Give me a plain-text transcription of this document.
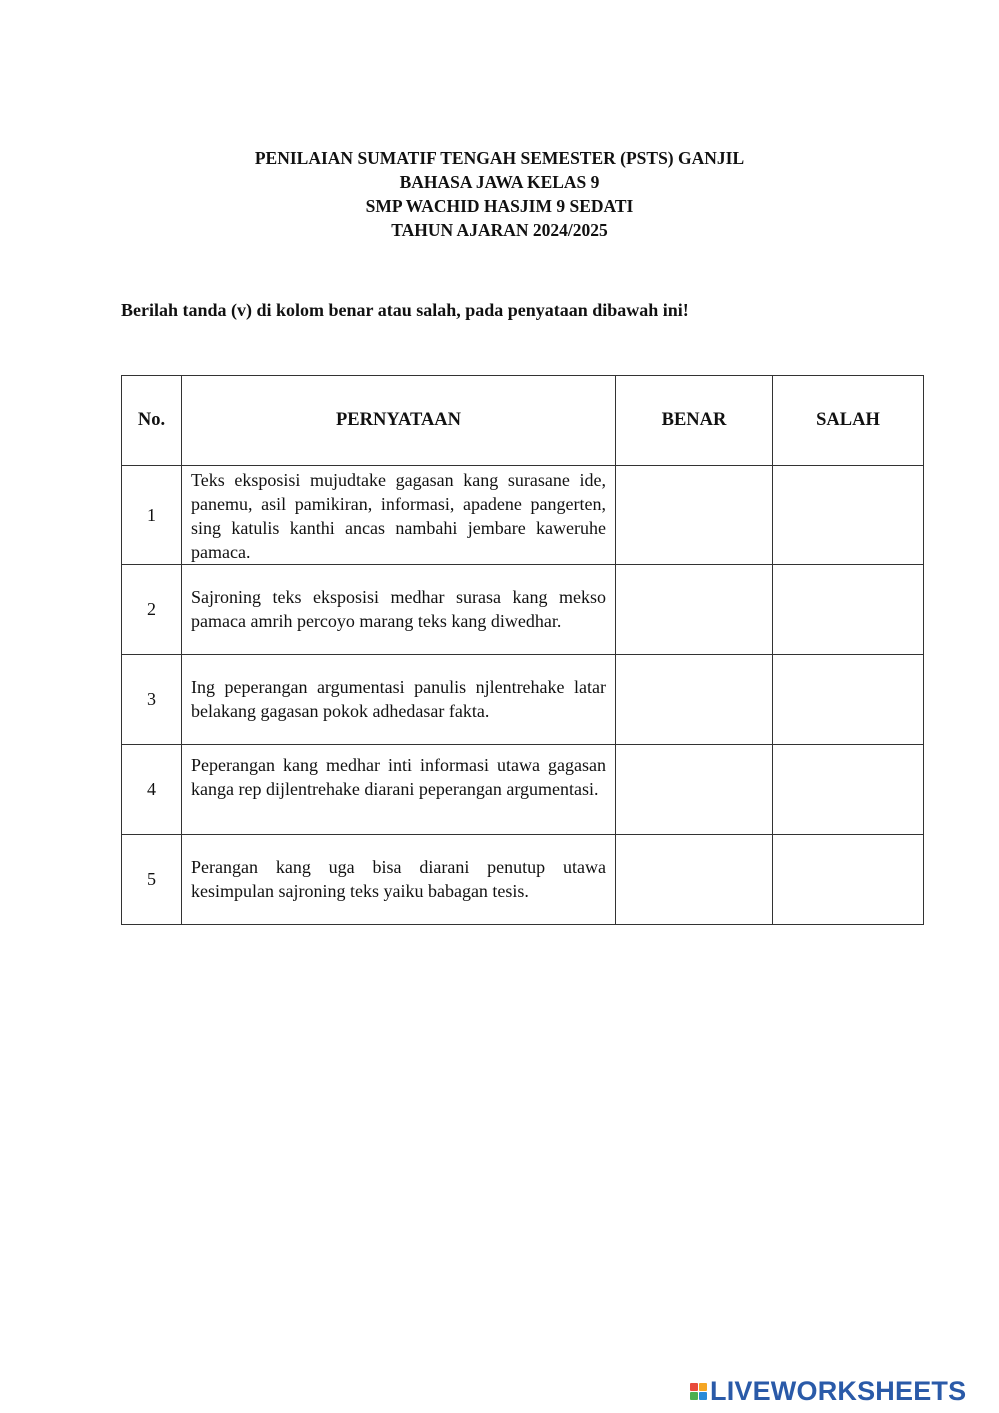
PENILAIAN SUMATIF TENGAH SEMESTER (PSTS) GANJIL
BAHASA JAWA KELAS 9
SMP WACHID HASJIM 9 SEDATI
TAHUN AJARAN 2024/2025
Berilah tanda (v) di kolom benar atau salah, pada penyataan dibawah ini!
No.	PERNYATAAN	BENAR	SALAH
1	Teks eksposisi mujudtake gagasan kang surasane ide, panemu, asil pamikiran, informasi, apadene pangerten, sing katulis kanthi ancas nambahi jembare kaweruhe pamaca.		

2	Sajroning teks eksposisi medhar surasa kang mekso pamaca amrih percoyo marang teks kang diwedhar.		

3	Ing peperangan argumentasi panulis njlentrehake latar belakang gagasan pokok adhedasar fakta.		

4	Peperangan kang medhar inti informasi utawa gagasan kanga rep dijlentrehake diarani peperangan argumentasi.		

5	Perangan kang uga bisa diarani penutup utawa kesimpulan sajroning teks yaiku babagan tesis.		

LIVEWORKSHEETS
